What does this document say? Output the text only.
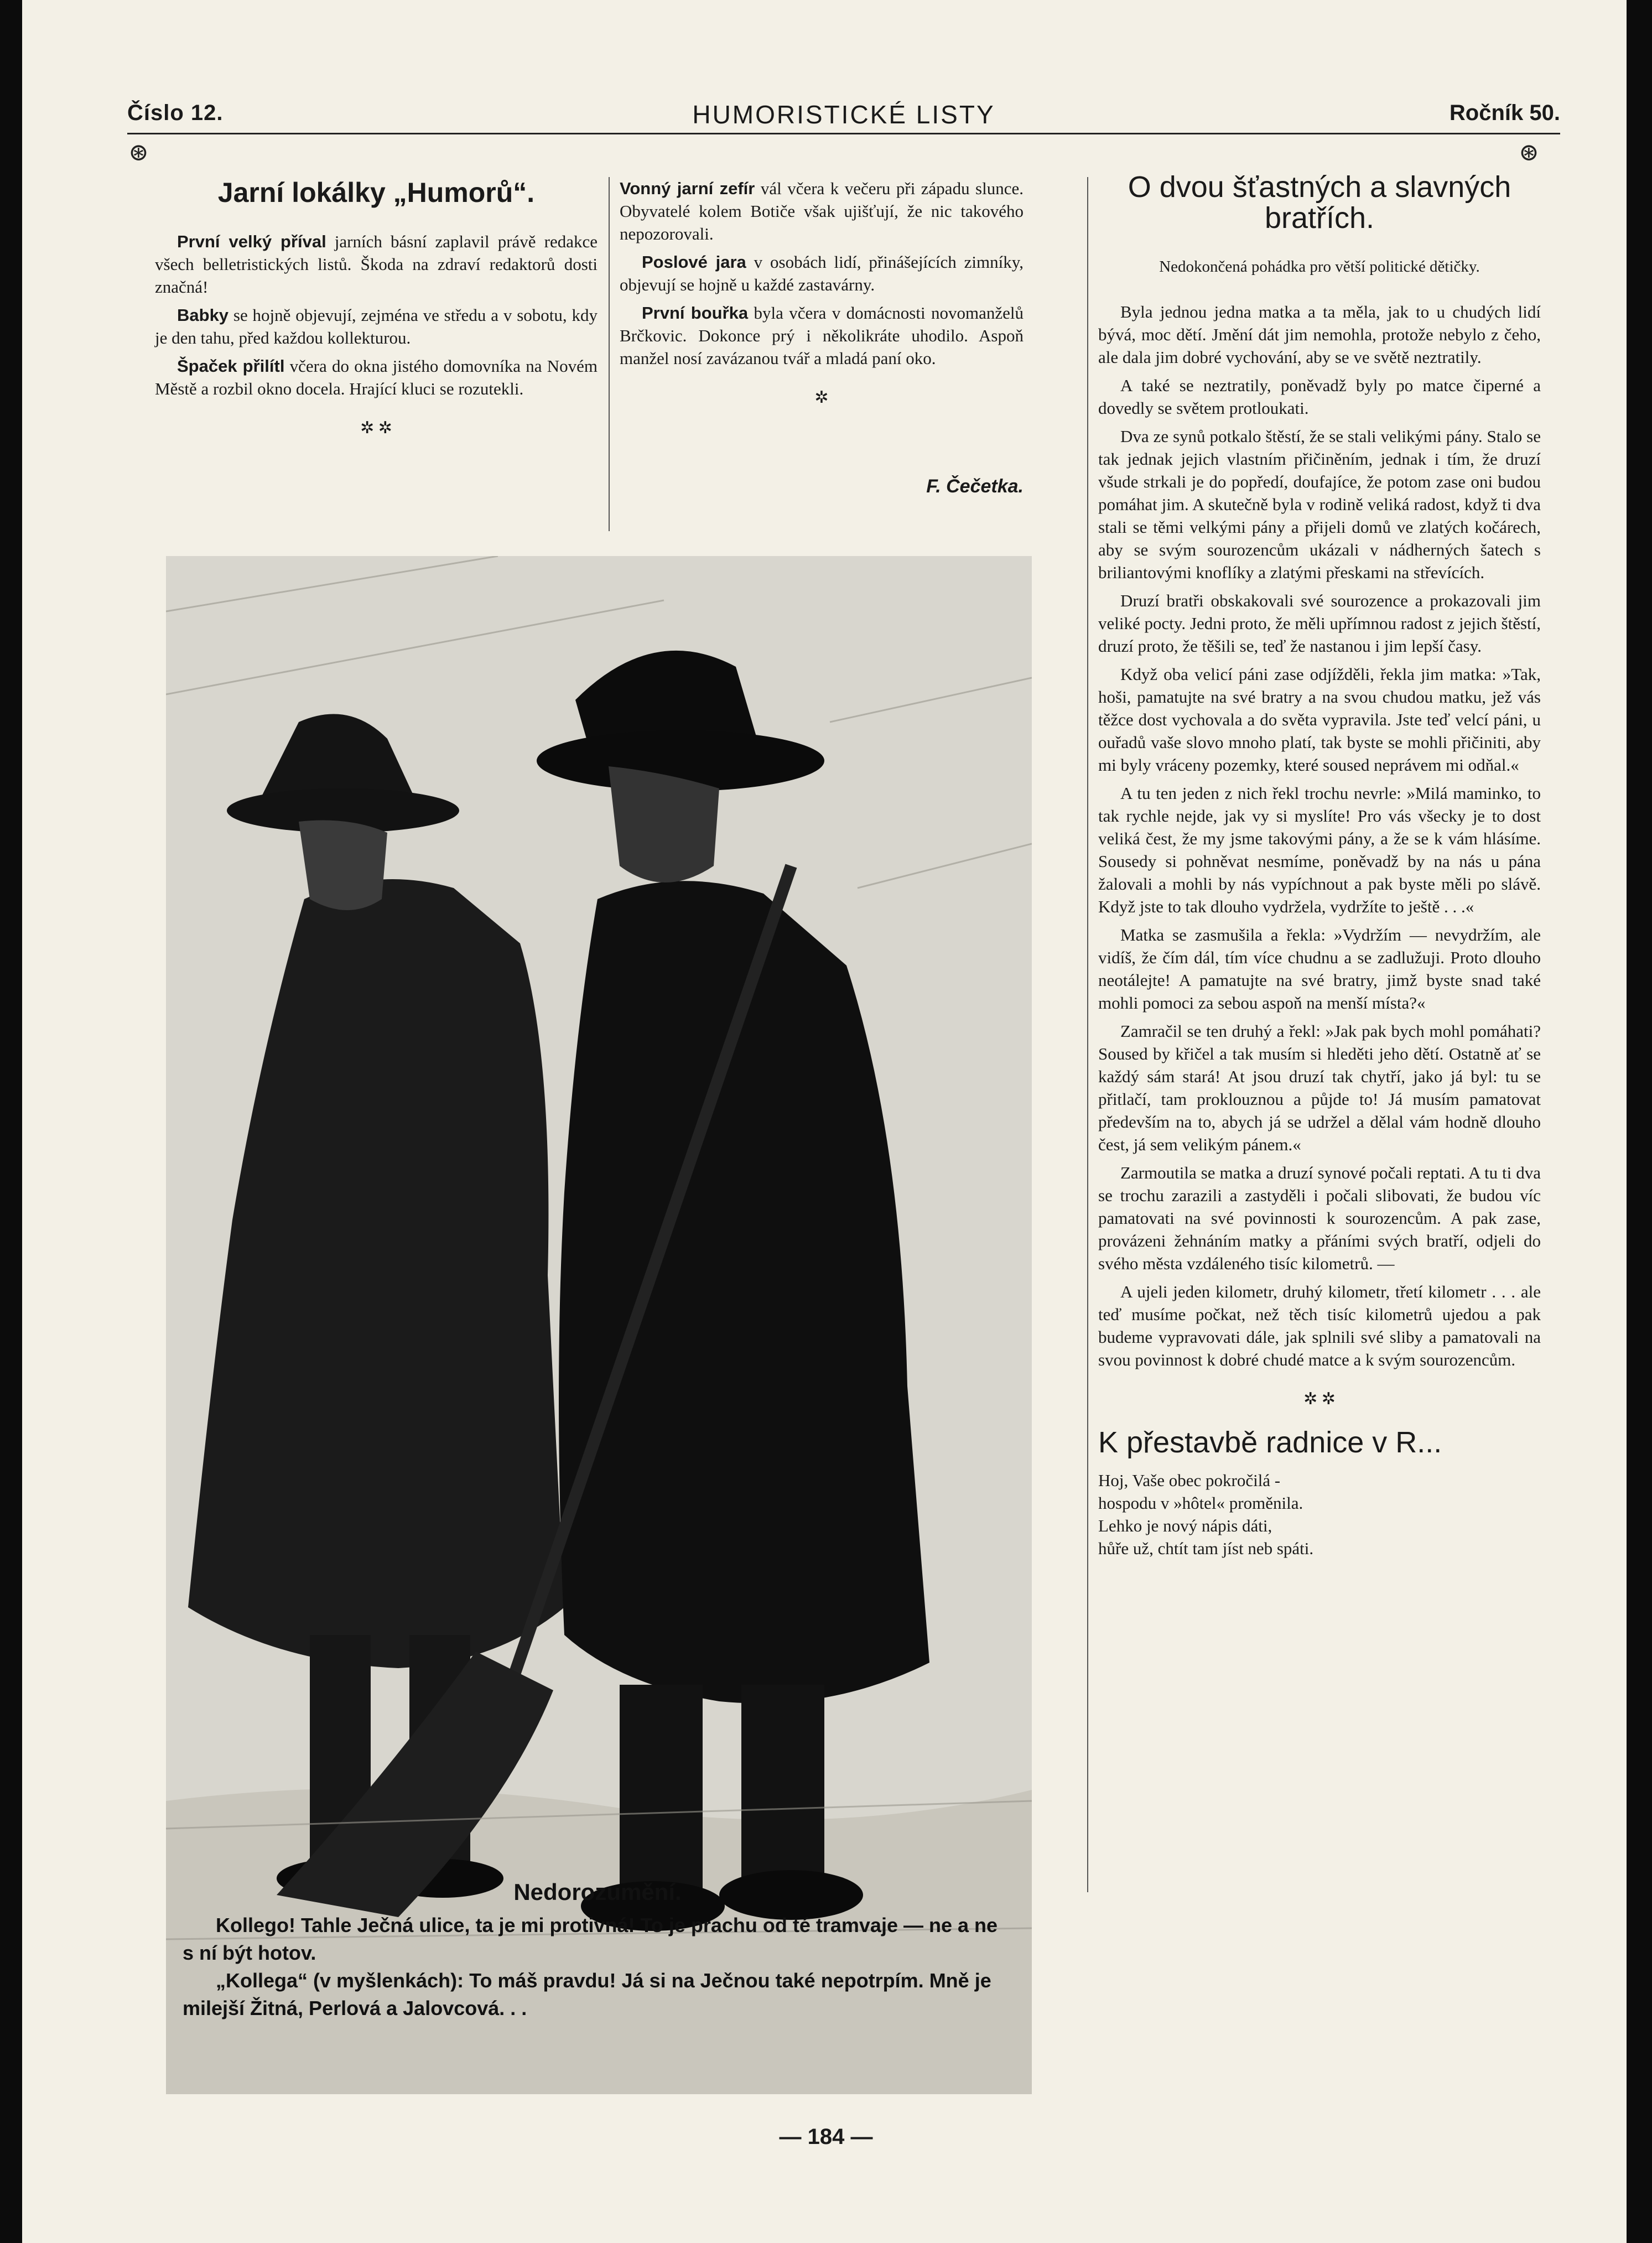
Číslo 12.	HUMORISTICKÉ LISTY	Ročník 50.
⊛	⊛
Jarní lokálky „Humorů“.

První velký příval jarních básní zaplavil právě redakce všech belletristických listů. Škoda na zdraví redaktorů dosti značná!

Babky se hojně objevují, zejména ve středu a v sobotu, kdy je den tahu, před každou kollekturou.

Špaček přilítl včera do okna jistého domovníka na Novém Městě a rozbil okno docela. Hrající kluci se rozutekli.

✲ ✲

Vonný jarní zefír vál včera k večeru při západu slunce. Obyvatelé kolem Botiče však ujišťují, že nic takového nepozorovali.

Poslové jara v osobách lidí, přinášejících zimníky, objevují se hojně u každé zastavárny.

První bouřka byla včera v domácnosti novomanželů Brčkovic. Dokonce prý i několikráte uhodilo. Aspoň manžel nosí zavázanou tvář a mladá paní oko.

✲
F. Čečetka.
Nedorozumění.

Kollego! Tahle Ječná ulice, ta je mi protivná! To je prachu od té tramvaje — ne a ne s ní být hotov.

„Kollega“ (v myšlenkách): To máš pravdu! Já si na Ječnou také nepotrpím. Mně je milejší Žitná, Perlová a Jalovcová. . .

O dvou šťastných a slavných bratřích.
Nedokončená pohádka pro větší politické dětičky.

Byla jednou jedna matka a ta měla, jak to u chudých lidí bývá, moc dětí. Jmění dát jim nemohla, protože nebylo z čeho, ale dala jim dobré vychování, aby se ve světě neztratily.

A také se neztratily, poněvadž byly po matce čiperné a dovedly se světem protloukati.

Dva ze synů potkalo štěstí, že se stali velikými pány. Stalo se tak jednak jejich vlastním přičiněním, jednak i tím, že druzí všude strkali je do popředí, doufajíce, že potom zase oni budou pomáhat jim. A skutečně byla v rodině veliká radost, když ti dva stali se těmi velkými pány a přijeli domů ve zlatých kočárech, aby se svým sourozencům ukázali v nádherných šatech s briliantovými knoflíky a zlatými přeskami na střevících.

Druzí bratři obskakovali své sourozence a prokazovali jim veliké pocty. Jedni proto, že měli upřímnou radost z jejich štěstí, druzí proto, že těšili se, teď že nastanou i jim lepší časy.

Když oba velicí páni zase odjížděli, řekla jim matka: »Tak, hoši, pamatujte na své bratry a na svou chudou matku, jež vás těžce dost vychovala a do světa vypravila. Jste teď velcí páni, u ouřadů vaše slovo mnoho platí, tak byste se mohli přičiniti, aby mi byly vráceny pozemky, které soused neprávem mi odňal.«

A tu ten jeden z nich řekl trochu nevrle: »Milá maminko, to tak rychle nejde, jak vy si myslíte! Pro vás všecky je to dost veliká čest, že my jsme takovými pány, a že se k vám hlásíme. Sousedy si pohněvat nesmíme, poněvadž by na nás u pána žalovali a mohli by nás vypíchnout a pak byste měli po slávě. Když jste to tak dlouho vydržela, vydržíte to ještě . . .«

Matka se zasmušila a řekla: »Vydržím — nevydržím, ale vidíš, že čím dál, tím více chudnu a se zadlužuji. Proto dlouho neotálejte! A pamatujte na své bratry, jimž byste snad také mohli pomoci za sebou aspoň na menší místa?«

Zamračil se ten druhý a řekl: »Jak pak bych mohl pomáhati? Soused by křičel a tak musím si hleděti jeho dětí. Ostatně ať se každý sám stará! At jsou druzí tak chytří, jako já byl: tu se přitlačí, tam proklouznou a půjde to! Já musím pamatovat především na to, abych já se udržel a dělal vám hodně dlouho čest, já sem velikým pánem.«

Zarmoutila se matka a druzí synové počali reptati. A tu ti dva se trochu zarazili a zastyděli i počali slibovati, že budou víc pamatovati na své povinnosti k sourozencům. A pak zase, provázeni žehnáním matky a přáními svých bratří, odjeli do svého města vzdáleného tisíc kilometrů. —

A ujeli jeden kilometr, druhý kilometr, třetí kilometr . . . ale teď musíme počkat, než těch tisíc kilometrů ujedou a pak budeme vypravovati dále, jak splnili své sliby a pamatovali na svou povinnost k dobré chudé matce a k svým sourozencům.

✲ ✲
K přestavbě radnice v R...
Hoj, Vaše obec pokročilá -
hospodu v »hôtel« proměnila.
Lehko je nový nápis dáti,
hůře už, chtít tam jíst neb spáti.
— 184 —
